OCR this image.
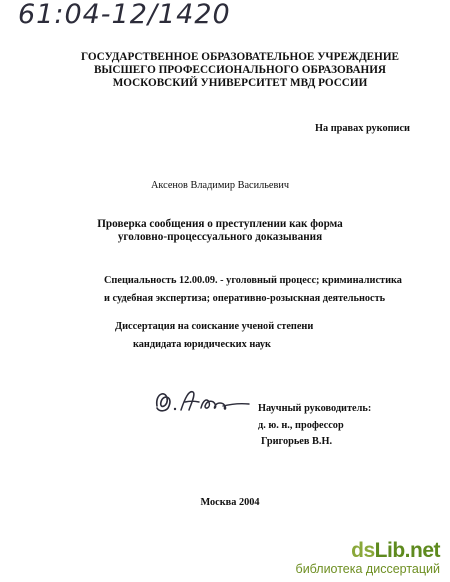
61:04-12/1420
ГОСУДАРСТВЕННОЕ ОБРАЗОВАТЕЛЬНОЕ УЧРЕЖДЕНИЕ
ВЫСШЕГО ПРОФЕССИОНАЛЬНОГО ОБРАЗОВАНИЯ
МОСКОВСКИЙ УНИВЕРСИТЕТ МВД РОССИИ
На правах рукописи
Аксенов Владимир Васильевич
Проверка сообщения о преступлении как форма
уголовно-процессуального доказывания
Специальность 12.00.09. - уголовный процесс; криминалистика
и судебная экспертиза; оперативно-розыскная деятельность
Диссертация на соискание ученой степени
кандидата юридических наук
Научный руководитель:
д. ю. н., профессор
Григорьев В.Н.
Москва 2004
dsLib.net
библиотека диссертаций
